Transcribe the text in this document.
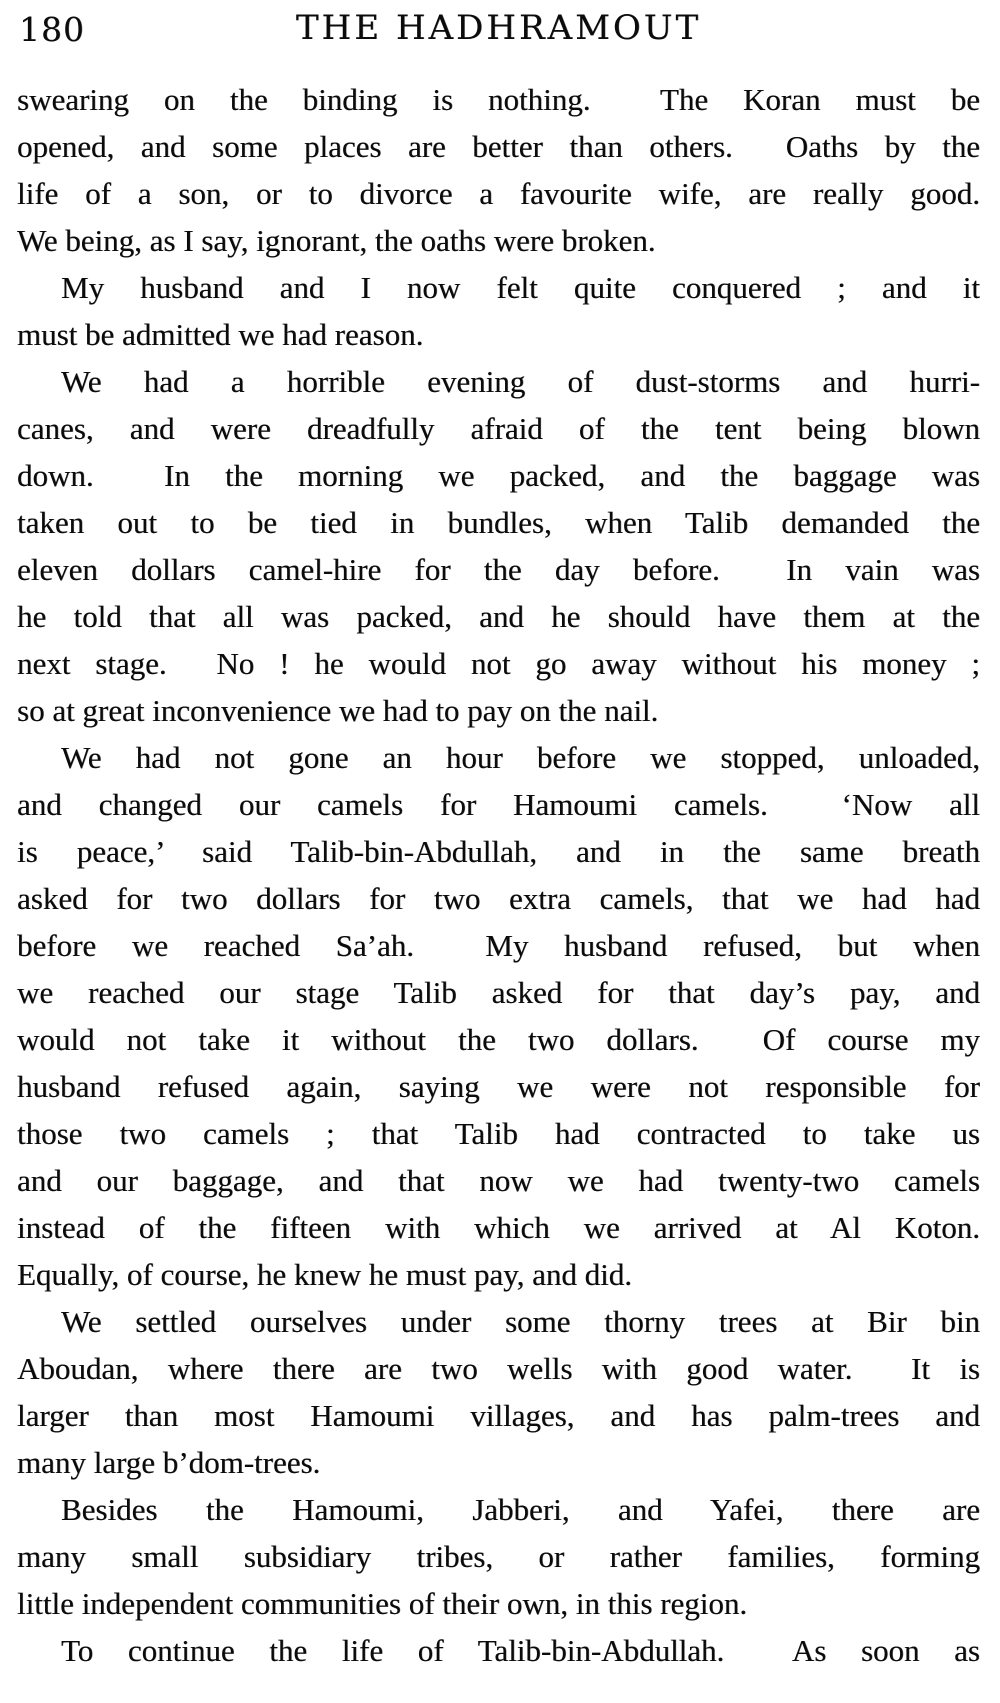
180	THE HADHRAMOUT
swearing on the binding is nothing.  The Koran must be
opened, and some places are better than others.  Oaths by the
life of a son, or to divorce a favourite wife, are really good.
We being, as I say, ignorant, the oaths were broken.
My husband and I now felt quite conquered ; and it
must be admitted we had reason.
We had a horrible evening of dust-storms and hurri-
canes, and were dreadfully afraid of the tent being blown
down.  In the morning we packed, and the baggage was
taken out to be tied in bundles, when Talib demanded the
eleven dollars camel-hire for the day before.  In vain was
he told that all was packed, and he should have them at the
next stage.  No ! he would not go away without his money ;
so at great inconvenience we had to pay on the nail.
We had not gone an hour before we stopped, unloaded,
and changed our camels for Hamoumi camels.  ‘Now all
is peace,’ said Talib-bin-Abdullah, and in the same breath
asked for two dollars for two extra camels, that we had had
before we reached Sa’ah.  My husband refused, but when
we reached our stage Talib asked for that day’s pay, and
would not take it without the two dollars.  Of course my
husband refused again, saying we were not responsible for
those two camels ; that Talib had contracted to take us
and our baggage, and that now we had twenty-two camels
instead of the fifteen with which we arrived at Al Koton.
Equally, of course, he knew he must pay, and did.
We settled ourselves under some thorny trees at Bir bin
Aboudan, where there are two wells with good water.  It is
larger than most Hamoumi villages, and has palm-trees and
many large b’dom-trees.
Besides the Hamoumi, Jabberi, and Yafei, there are
many small subsidiary tribes, or rather families, forming
little independent communities of their own, in this region.
To continue the life of Talib-bin-Abdullah.  As soon as
